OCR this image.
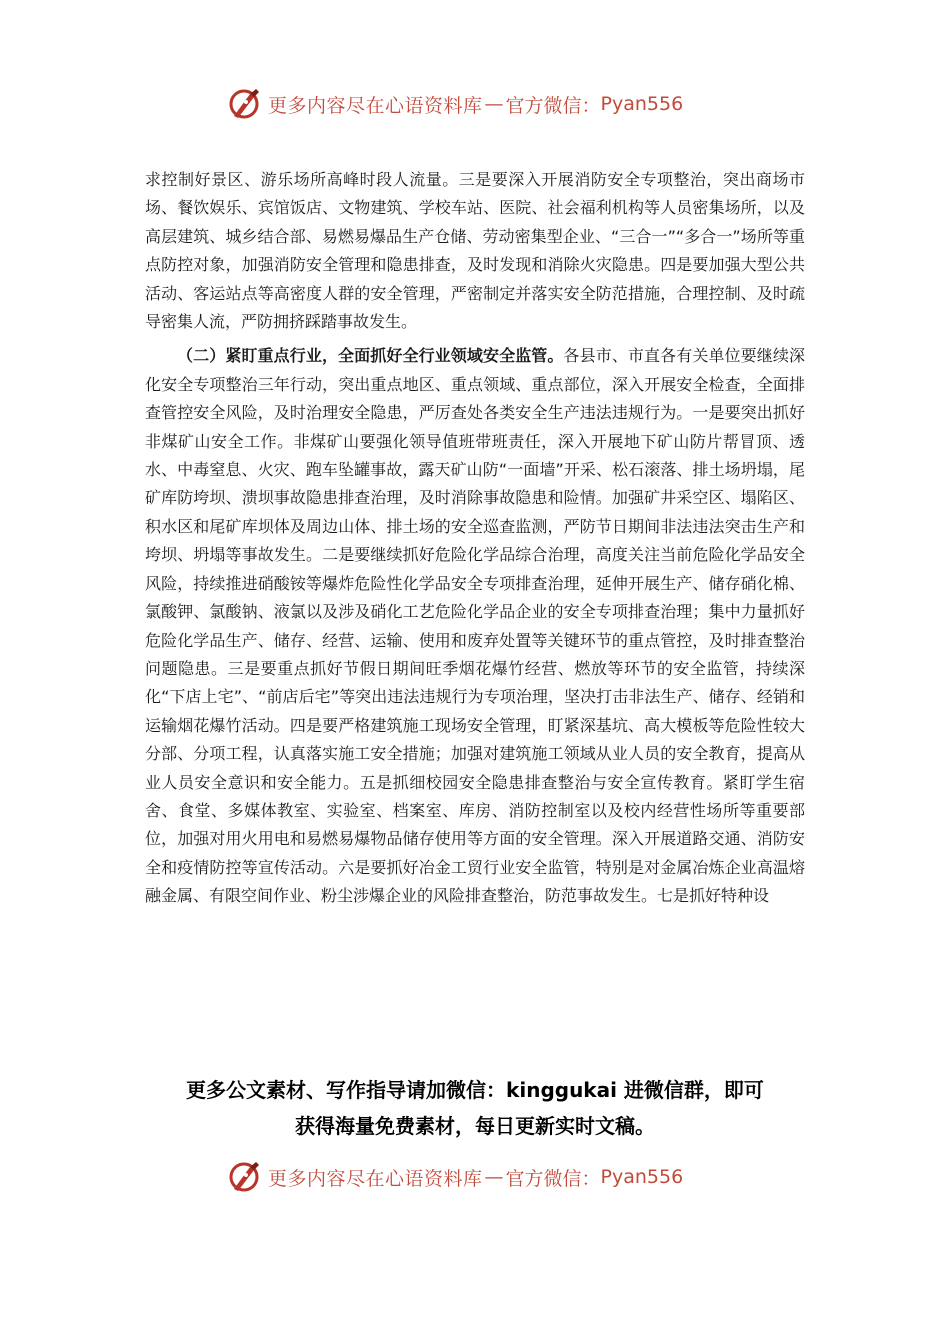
更多内容尽在心语资料库 — 官方微信： Pyan556

求控制好景区、游乐场所高峰时段人流量。三是要深入开展消防安全专项整治，突出商场市场、餐饮娱乐、宾馆饭店、文物建筑、学校车站、医院、社会福利机构等人员密集场所，以及高层建筑、城乡结合部、易燃易爆品生产仓储、劳动密集型企业、“三合一”“多合一”场所等重点防控对象，加强消防安全管理和隐患排查，及时发现和消除火灾隐患。四是要加强大型公共活动、客运站点等高密度人群的安全管理，严密制定并落实安全防范措施，合理控制、及时疏导密集人流，严防拥挤踩踏事故发生。

（二）紧盯重点行业，全面抓好全行业领域安全监管。各县市、市直各有关单位要继续深化安全专项整治三年行动，突出重点地区、重点领域、重点部位，深入开展安全检查，全面排查管控安全风险，及时治理安全隐患，严厉查处各类安全生产违法违规行为。一是要突出抓好非煤矿山安全工作。非煤矿山要强化领导值班带班责任，深入开展地下矿山防片帮冒顶、透水、中毒窒息、火灾、跑车坠罐事故，露天矿山防“一面墙”开采、松石滚落、排土场坍塌，尾矿库防垮坝、溃坝事故隐患排查治理，及时消除事故隐患和险情。加强矿井采空区、塌陷区、积水区和尾矿库坝体及周边山体、排土场的安全巡查监测，严防节日期间非法违法突击生产和垮坝、坍塌等事故发生。二是要继续抓好危险化学品综合治理，高度关注当前危险化学品安全风险，持续推进硝酸铵等爆炸危险性化学品安全专项排查治理，延伸开展生产、储存硝化棉、氯酸钾、氯酸钠、液氯以及涉及硝化工艺危险化学品企业的安全专项排查治理；集中力量抓好危险化学品生产、储存、经营、运输、使用和废弃处置等关键环节的重点管控，及时排查整治问题隐患。三是要重点抓好节假日期间旺季烟花爆竹经营、燃放等环节的安全监管，持续深化“下店上宅”、“前店后宅”等突出违法违规行为专项治理，坚决打击非法生产、储存、经销和运输烟花爆竹活动。四是要严格建筑施工现场安全管理，盯紧深基坑、高大模板等危险性较大分部、分项工程，认真落实施工安全措施；加强对建筑施工领域从业人员的安全教育，提高从业人员安全意识和安全能力。五是抓细校园安全隐患排查整治与安全宣传教育。紧盯学生宿舍、食堂、多媒体教室、实验室、档案室、库房、消防控制室以及校内经营性场所等重要部位，加强对用火用电和易燃易爆物品储存使用等方面的安全管理。深入开展道路交通、消防安全和疫情防控等宣传活动。六是要抓好冶金工贸行业安全监管，特别是对金属冶炼企业高温熔融金属、有限空间作业、粉尘涉爆企业的风险排查整治，防范事故发生。七是抓好特种设

更多公文素材、写作指导请加微信：kinggukai 进微信群，即可
获得海量免费素材，每日更新实时文稿。
更多内容尽在心语资料库 — 官方微信： Pyan556
